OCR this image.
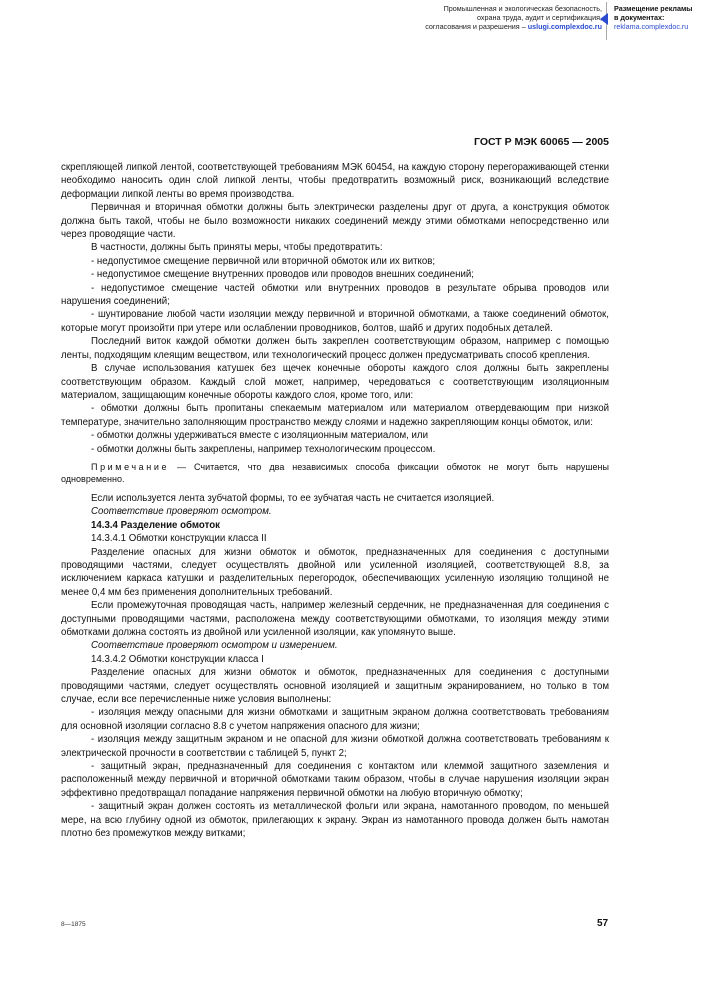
Промышленная и экологическая безопасность,
охрана труда, аудит и сертификация,
согласования и разрешения – uslugi.complexdoc.ru
Размещение рекламы
в документах:
reklama.complexdoc.ru
ГОСТ Р МЭК 60065 — 2005

скрепляющей липкой лентой, соответствующей требованиям МЭК 60454, на каждую сторону перегораживающей стенки необходимо наносить один слой липкой ленты, чтобы предотвратить возможный риск, возникающий вследствие деформации липкой ленты во время производства.

Первичная и вторичная обмотки должны быть электрически разделены друг от друга, а конструкция обмоток должна быть такой, чтобы не было возможности никаких соединений между этими обмотками непосредственно или через проводящие части.

В частности, должны быть приняты меры, чтобы предотвратить:

- недопустимое смещение первичной или вторичной обмоток или их витков;

- недопустимое смещение внутренних проводов или проводов внешних соединений;

- недопустимое смещение частей обмотки или внутренних проводов в результате обрыва проводов или нарушения соединений;

- шунтирование любой части изоляции между первичной и вторичной обмотками, а также соединений обмоток, которые могут произойти при утере или ослаблении проводников, болтов, шайб и других подобных деталей.

Последний виток каждой обмотки должен быть закреплен соответствующим образом, например с помощью ленты, подходящим клеящим веществом, или технологический процесс должен предусматривать способ крепления.

В случае использования катушек без щечек конечные обороты каждого слоя должны быть закреплены соответствующим образом. Каждый слой может, например, чередоваться с соответствующим изоляционным материалом, защищающим конечные обороты каждого слоя, кроме того, или:

- обмотки должны быть пропитаны спекаемым материалом или материалом отвердевающим при низкой температуре, значительно заполняющим пространство между слоями и надежно закрепляющим концы обмоток, или:

- обмотки должны удерживаться вместе с изоляционным материалом, или

- обмотки должны быть закреплены, например технологическим процессом.

Примечание — Считается, что два независимых способа фиксации обмоток не могут быть нарушены одновременно.

Если используется лента зубчатой формы, то ее зубчатая часть не считается изоляцией.

Соответствие проверяют осмотром.

14.3.4 Разделение обмоток

14.3.4.1 Обмотки конструкции класса II

Разделение опасных для жизни обмоток и обмоток, предназначенных для соединения с доступными проводящими частями, следует осуществлять двойной или усиленной изоляцией, соответствующей 8.8, за исключением каркаса катушки и разделительных перегородок, обеспечивающих усиленную изоляцию толщиной не менее 0,4 мм без применения дополнительных требований.

Если промежуточная проводящая часть, например железный сердечник, не предназначенная для соединения с доступными проводящими частями, расположена между соответствующими обмотками, то изоляция между этими обмотками должна состоять из двойной или усиленной изоляции, как упомянуто выше.

Соответствие проверяют осмотром и измерением.

14.3.4.2 Обмотки конструкции класса I

Разделение опасных для жизни обмоток и обмоток, предназначенных для соединения с доступными проводящими частями, следует осуществлять основной изоляцией и защитным экранированием, но только в том случае, если все перечисленные ниже условия выполнены:

- изоляция между опасными для жизни обмотками и защитным экраном должна соответствовать требованиям для основной изоляции согласно 8.8 с учетом напряжения опасного для жизни;

- изоляция между защитным экраном и не опасной для жизни обмоткой должна соответствовать требованиям к электрической прочности в соответствии с таблицей 5, пункт 2;

- защитный экран, предназначенный для соединения с контактом или клеммой защитного заземления и расположенный между первичной и вторичной обмотками таким образом, чтобы в случае нарушения изоляции экран эффективно предотвращал попадание напряжения первичной обмотки на любую вторичную обмотку;

- защитный экран должен состоять из металлической фольги или экрана, намотанного проводом, по меньшей мере, на всю глубину одной из обмоток, прилегающих к экрану. Экран из намотанного провода должен быть намотан плотно без промежутков между витками;

8—1875	57
